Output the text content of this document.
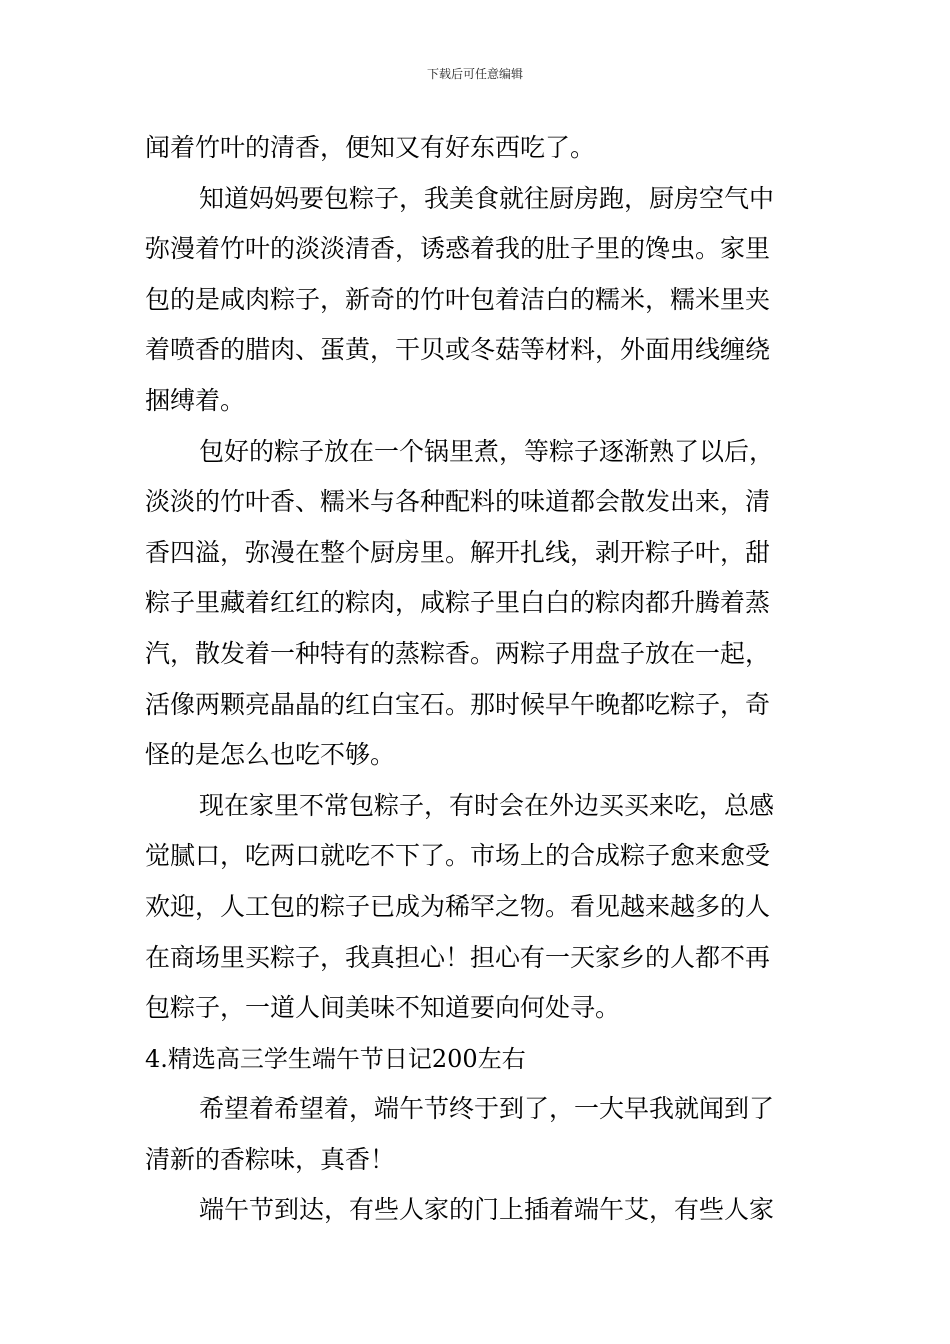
下载后可任意编辑
闻着竹叶的清香，便知又有好东西吃了。
知道妈妈要包粽子，我美食就往厨房跑，厨房空气中
弥漫着竹叶的淡淡清香，诱惑着我的肚子里的馋虫。家里
包的是咸肉粽子，新奇的竹叶包着洁白的糯米，糯米里夹
着喷香的腊肉、蛋黄，干贝或冬菇等材料，外面用线缠绕
捆缚着。
包好的粽子放在一个锅里煮，等粽子逐渐熟了以后，
淡淡的竹叶香、糯米与各种配料的味道都会散发出来，清
香四溢，弥漫在整个厨房里。解开扎线，剥开粽子叶，甜
粽子里藏着红红的粽肉，咸粽子里白白的粽肉都升腾着蒸
汽，散发着一种特有的蒸粽香。两粽子用盘子放在一起，
活像两颗亮晶晶的红白宝石。那时候早午晚都吃粽子，奇
怪的是怎么也吃不够。
现在家里不常包粽子，有时会在外边买买来吃，总感
觉腻口，吃两口就吃不下了。市场上的合成粽子愈来愈受
欢迎，人工包的粽子已成为稀罕之物。看见越来越多的人
在商场里买粽子，我真担心！担心有一天家乡的人都不再
包粽子，一道人间美味不知道要向何处寻。
4.精选高三学生端午节日记200左右
希望着希望着，端午节终于到了，一大早我就闻到了
清新的香粽味，真香！
端午节到达，有些人家的门上插着端午艾，有些人家
